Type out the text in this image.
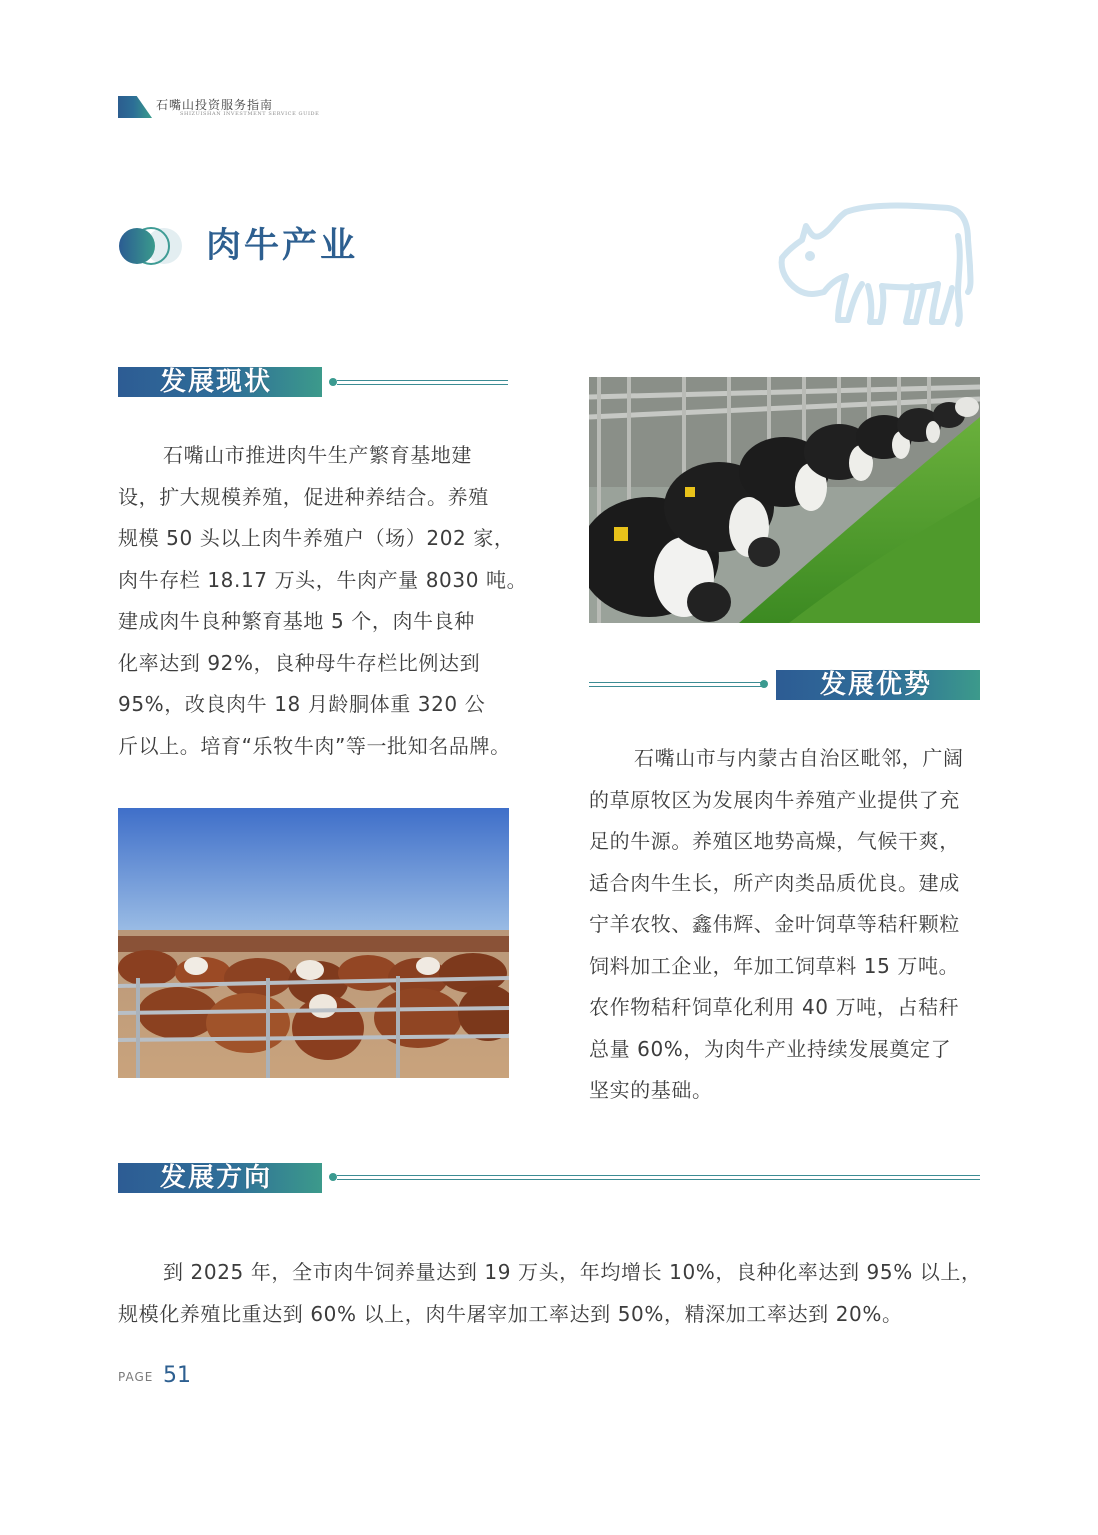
石嘴山投资服务指南
SHIZUISHAN INVESTMENT SERVICE GUIDE
肉牛产业
发展现状
石嘴山市推进肉牛生产繁育基地建
设，扩大规模养殖，促进种养结合。养殖
规模 50 头以上肉牛养殖户（场）202 家，
肉牛存栏 18.17 万头，牛肉产量 8030 吨。
建成肉牛良种繁育基地 5 个，肉牛良种
化率达到 92%，良种母牛存栏比例达到
95%，改良肉牛 18 月龄胴体重 320 公
斤以上。培育“乐牧牛肉”等一批知名品牌。
发展优势
石嘴山市与内蒙古自治区毗邻，广阔
的草原牧区为发展肉牛养殖产业提供了充
足的牛源。养殖区地势高燥，气候干爽，
适合肉牛生长，所产肉类品质优良。建成
宁羊农牧、鑫伟辉、金叶饲草等秸秆颗粒
饲料加工企业，年加工饲草料 15 万吨。
农作物秸秆饲草化利用 40 万吨，占秸秆
总量 60%，为肉牛产业持续发展奠定了
坚实的基础。
发展方向
到 2025 年，全市肉牛饲养量达到 19 万头，年均增长 10%，良种化率达到 95% 以上，
规模化养殖比重达到 60% 以上，肉牛屠宰加工率达到 50%，精深加工率达到 20%。
PAGE 51
